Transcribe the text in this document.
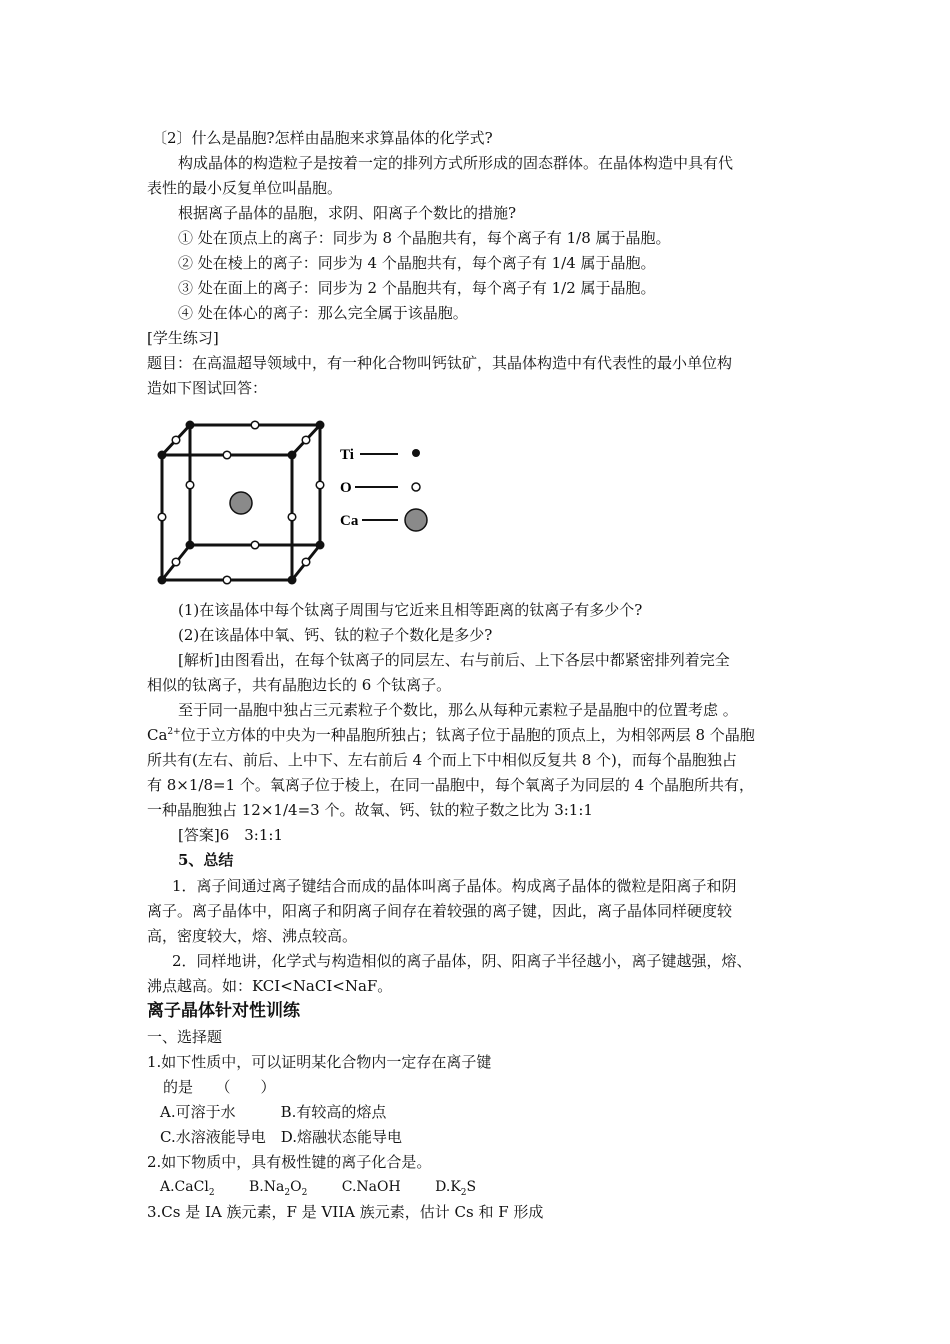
〔2〕什么是晶胞?怎样由晶胞来求算晶体的化学式?
构成晶体的构造粒子是按着一定的排列方式所形成的固态群体。在晶体构造中具有代
表性的最小反复单位叫晶胞。
根据离子晶体的晶胞，求阴、阳离子个数比的措施?
① 处在顶点上的离子：同步为 8 个晶胞共有，每个离子有 1/8 属于晶胞。
② 处在棱上的离子：同步为 4 个晶胞共有，每个离子有 1/4 属于晶胞。
③ 处在面上的离子：同步为 2 个晶胞共有，每个离子有 1/2 属于晶胞。
④ 处在体心的离子：那么完全属于该晶胞。
[学生练习]
题目：在高温超导领域中，有一种化合物叫钙钛矿，其晶体构造中有代表性的最小单位构
造如下图试回答：
Ti
O
Ca
(1)在该晶体中每个钛离子周围与它近来且相等距离的钛离子有多少个?
(2)在该晶体中氧、钙、钛的粒子个数化是多少?
[解析]由图看出，在每个钛离子的同层左、右与前后、上下各层中都紧密排列着完全
相似的钛离子，共有晶胞边长的 6 个钛离子。
至于同一晶胞中独占三元素粒子个数比，那么从每种元素粒子是晶胞中的位置考虑 。
$Ca^{2+}$位于立方体的中央为一种晶胞所独占；钛离子位于晶胞的顶点上，为相邻两层 8 个晶胞
所共有(左右、前后、上中下、左右前后 4 个而上下中相似反复共 8 个)，而每个晶胞独占
有 8×1/8=1 个。氧离子位于棱上，在同一晶胞中，每个氧离子为同层的 4 个晶胞所共有，
一种晶胞独占 12×1/4=3 个。故氧、钙、钛的粒子数之比为 3:1:1
[答案]6　3:1:1
5、总结
1．离子间通过离子键结合而成的晶体叫离子晶体。构成离子晶体的微粒是阳离子和阴
离子。离子晶体中，阳离子和阴离子间存在着较强的离子键，因此，离子晶体同样硬度较
高，密度较大，熔、沸点较高。
2．同样地讲，化学式与构造相似的离子晶体，阴、阳离子半径越小，离子键越强，熔、
沸点越高。如：KCI<NaCI<NaF。
离子晶体针对性训练
一、选择题
1.如下性质中，可以证明某化合物内一定存在离子键
的是　　（　　）
A.可溶于水　　　B.有较高的熔点
C.水溶液能导电　D.熔融状态能导电
2.如下物质中，具有极性键的离子化合是。
A.CaCl$_2$ $B.Na_2O_2$ C.NaOH $D.K_2S$
3.Cs 是 IA 族元素，F 是 VIIA 族元素，估计 Cs 和 F 形成
